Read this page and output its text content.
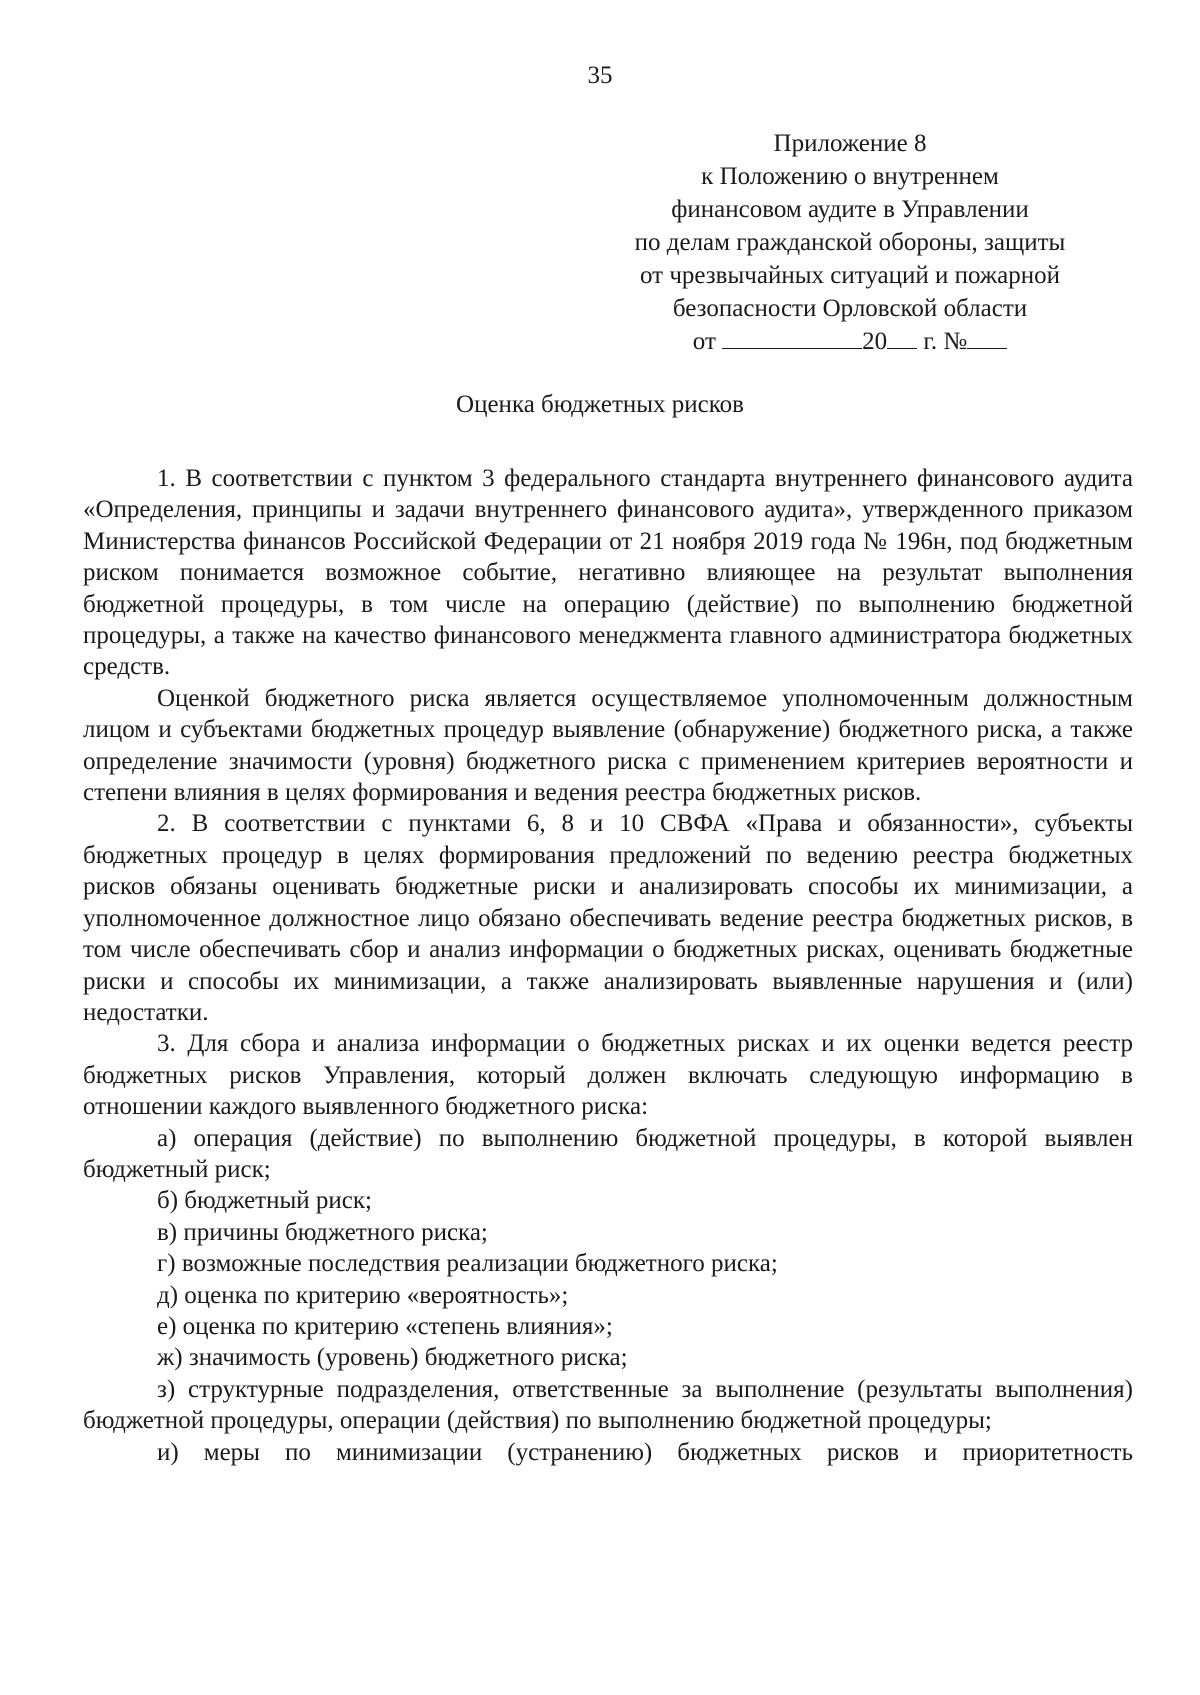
35
Приложение 8
к Положению о внутреннем
финансовом аудите в Управлении
по делам гражданской обороны, защиты
от чрезвычайных ситуаций и пожарной
безопасности Орловской области
от	20 г. №
Оценка бюджетных рисков

1. В соответствии с пунктом 3 федерального стандарта внутреннего финансового аудита «Определения, принципы и задачи внутреннего финансового аудита», утвержденного приказом Министерства финансов Российской Федерации от 21 ноября 2019 года № 196н, под бюджетным риском понимается возможное событие, негативно влияющее на результат выполнения бюджетной процедуры, в том числе на операцию (действие) по выполнению бюджетной процедуры, а также на качество финансового менеджмента главного администратора бюджетных средств.

Оценкой бюджетного риска является осуществляемое уполномоченным должностным лицом и субъектами бюджетных процедур выявление (обнаружение) бюджетного риска, а также определение значимости (уровня) бюджетного риска с применением критериев вероятности и степени влияния в целях формирования и ведения реестра бюджетных рисков.

2. В соответствии с пунктами 6, 8 и 10 СВФА «Права и обязанности», субъекты бюджетных процедур в целях формирования предложений по ведению реестра бюджетных рисков обязаны оценивать бюджетные риски и анализировать способы их минимизации, а уполномоченное должностное лицо обязано обеспечивать ведение реестра бюджетных рисков, в том числе обеспечивать сбор и анализ информации о бюджетных рисках, оценивать бюджетные риски и способы их минимизации, а также анализировать выявленные нарушения и (или) недостатки.

3. Для сбора и анализа информации о бюджетных рисках и их оценки ведется реестр бюджетных рисков Управления, который должен включать следующую информацию в отношении каждого выявленного бюджетного риска:

а) операция (действие) по выполнению бюджетной процедуры, в которой выявлен бюджетный риск;

б) бюджетный риск;

в) причины бюджетного риска;

г) возможные последствия реализации бюджетного риска;

д) оценка по критерию «вероятность»;

е) оценка по критерию «степень влияния»;

ж) значимость (уровень) бюджетного риска;

з) структурные подразделения, ответственные за выполнение (результаты выполнения) бюджетной процедуры, операции (действия) по выполнению бюджетной процедуры;

и) меры по минимизации (устранению) бюджетных рисков и приоритетность
